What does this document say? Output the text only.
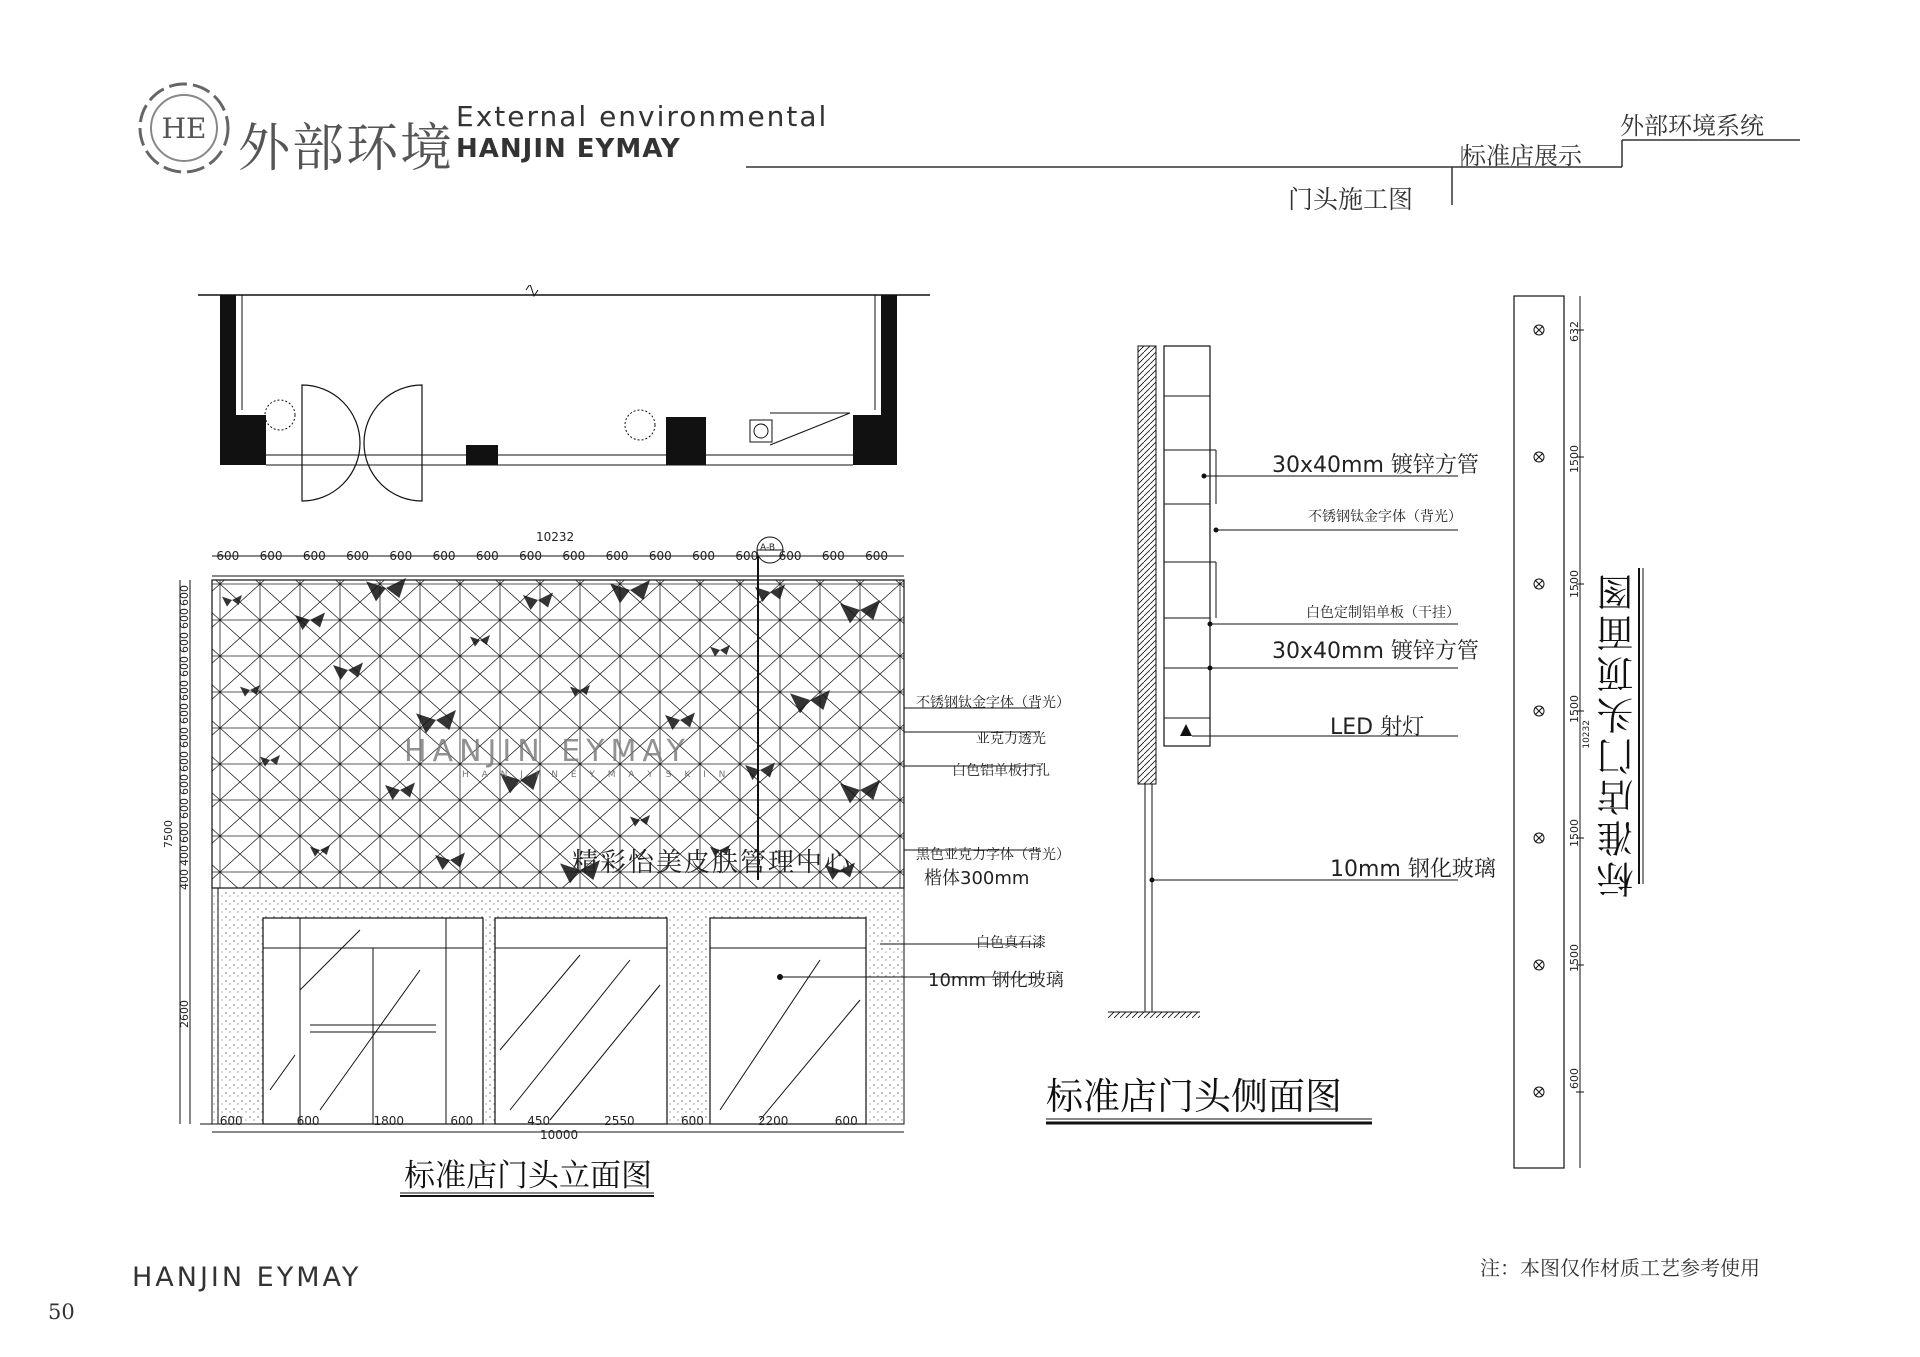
HE 外部环境
External environmental
HANJIN EYMAY
外部环境系统
标准店展示
门头施工图
HANJIN EYMAY
H A N J I N E Y M A Y S K I N
精彩怡美皮肤管理中心
10232
A-B
600 600 600 600 600 600 600 600 600 600 600 600 600 600 600 600
600
600
600
600
600
600
600
600
600
600
600
400
400
7500
2600
600	600	1800	600	450	2550	600	2200	600
10000
不锈钢钛金字体（背光）
亚克力透光
白色铝单板打孔
黑色亚克力字体（背光）
楷体300mm
白色真石漆
10mm 钢化玻璃
标准店门头立面图
30x40mm 镀锌方管
不锈钢钛金字体（背光）
白色定制铝单板（干挂）
30x40mm 镀锌方管
LED 射灯
10mm 钢化玻璃
标准店门头侧面图
632
1500
1500
1500
1500
1500
600
10232 标准店门头顶面图
HANJIN EYMAY
50
注：本图仅作材质工艺参考使用
